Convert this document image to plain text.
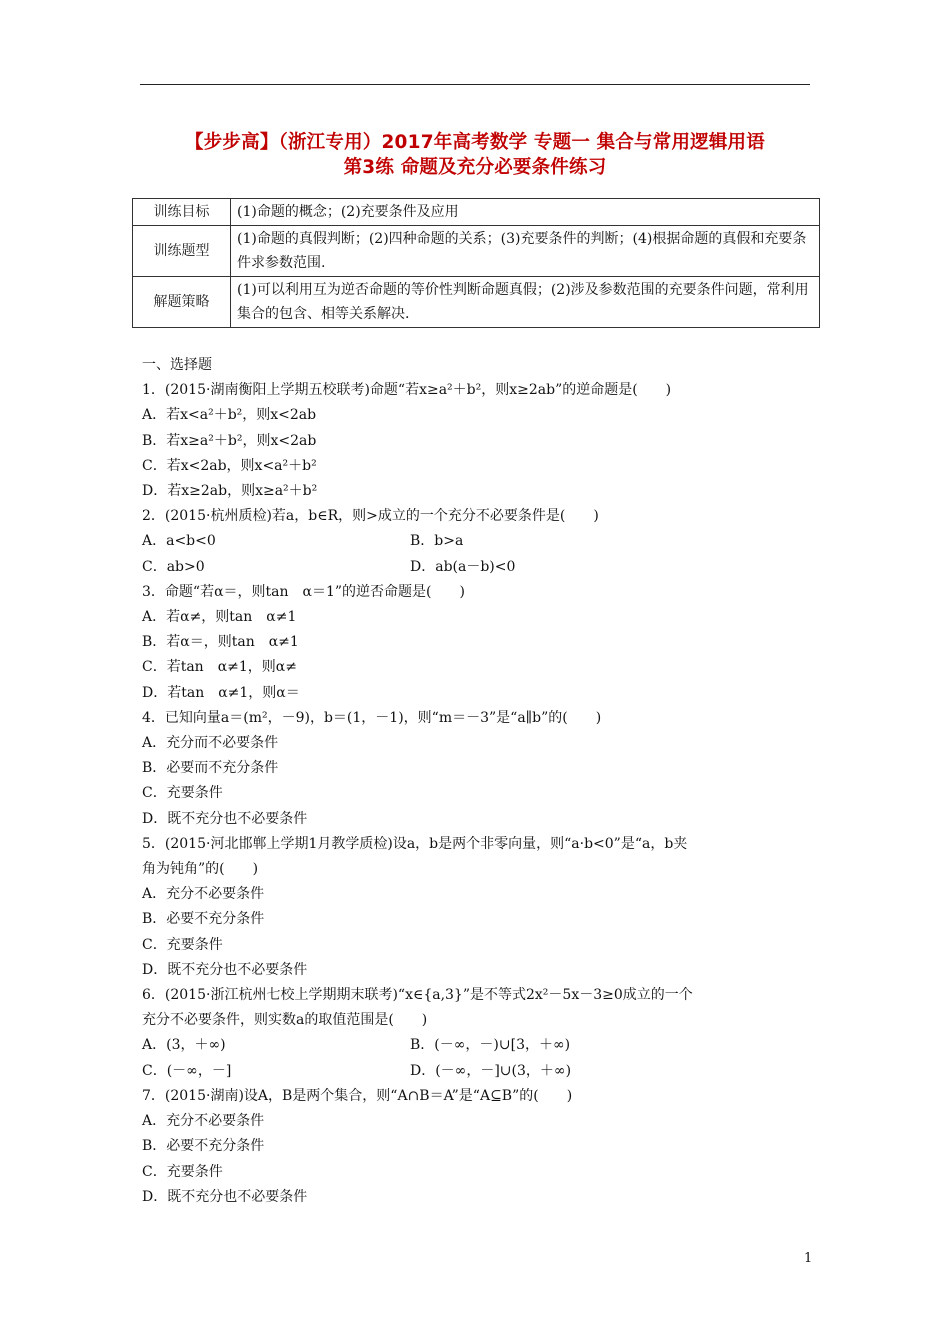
【步步高】（浙江专用）2017年高考数学 专题一 集合与常用逻辑用语
第3练 命题及充分必要条件练习
训练目标	(1)命题的概念；(2)充要条件及应用
训练题型	(1)命题的真假判断；(2)四种命题的关系；(3)充要条件的判断；(4)根据命题的真假和充要条件求参数范围.
解题策略	(1)可以利用互为逆否命题的等价性判断命题真假；(2)涉及参数范围的充要条件问题，常利用集合的包含、相等关系解决.
一、选择题
1．(2015·湖南衡阳上学期五校联考)命题“若x≥a²＋b²，则x≥2ab”的逆命题是(　　)
A．若x<a²＋b²，则x<2ab
B．若x≥a²＋b²，则x<2ab
C．若x<2ab，则x<a²＋b²
D．若x≥2ab，则x≥a²＋b²
2．(2015·杭州质检)若a，b∈R，则>成立的一个充分不必要条件是(　　)
A．a<b<0	B．b>a
C．ab>0	D．ab(a－b)<0
3．命题“若α＝，则tan　α＝1”的逆否命题是(　　)
A．若α≠，则tan　α≠1
B．若α＝，则tan　α≠1
C．若tan　α≠1，则α≠
D．若tan　α≠1，则α＝
4．已知向量a＝(m²，－9)，b＝(1，－1)，则“m＝－3”是“a∥b”的(　　)
A．充分而不必要条件
B．必要而不充分条件
C．充要条件
D．既不充分也不必要条件
5．(2015·河北邯郸上学期1月教学质检)设a，b是两个非零向量，则“a·b<0”是“a，b夹
角为钝角”的(　　)
A．充分不必要条件
B．必要不充分条件
C．充要条件
D．既不充分也不必要条件
6．(2015·浙江杭州七校上学期期末联考)“x∈{a,3}”是不等式2x²－5x－3≥0成立的一个
充分不必要条件，则实数a的取值范围是(　　)
A．(3，＋∞)	B．(－∞，－)∪[3，＋∞)
C．(－∞，－]	D．(－∞，－]∪(3，＋∞)
7．(2015·湖南)设A，B是两个集合，则“A∩B＝A”是“A⊆B”的(　　)
A．充分不必要条件
B．必要不充分条件
C．充要条件
D．既不充分也不必要条件
1
